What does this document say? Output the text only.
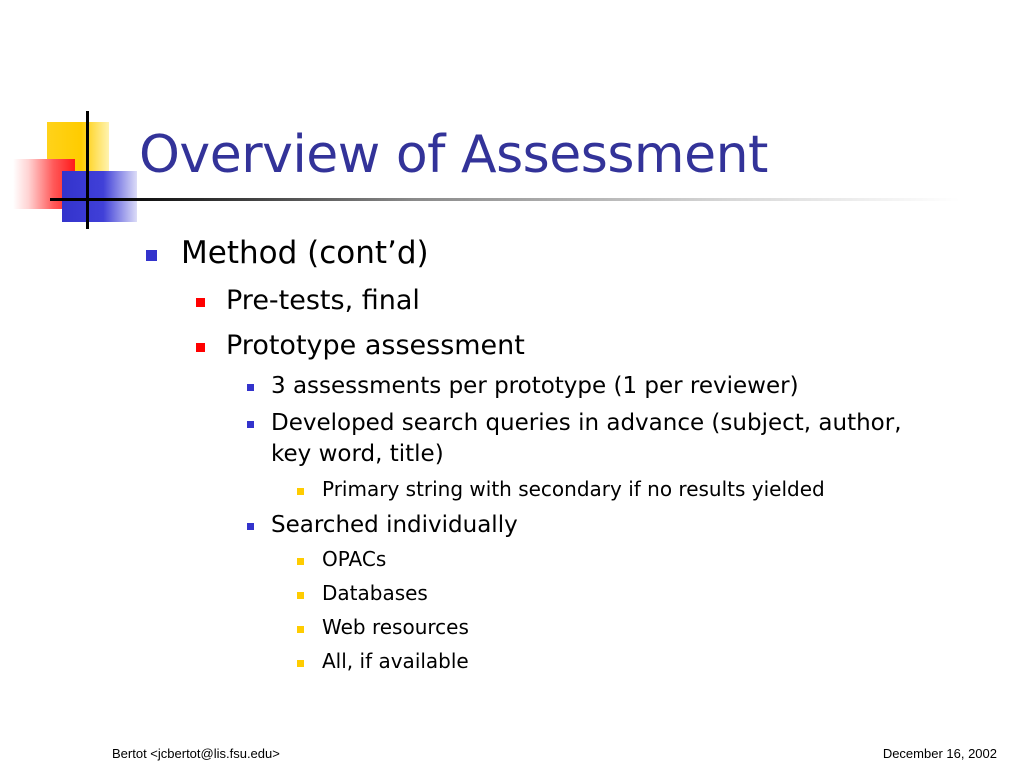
Overview of Assessment
Method (cont’d)
Pre-tests, final
Prototype assessment
3 assessments per prototype (1 per reviewer)
Developed search queries in advance (subject, author,
key word, title)
Primary string with secondary if no results yielded
Searched individually
OPACs
Databases
Web resources
All, if available
Bertot <jcbertot@lis.fsu.edu>	December 16, 2002
